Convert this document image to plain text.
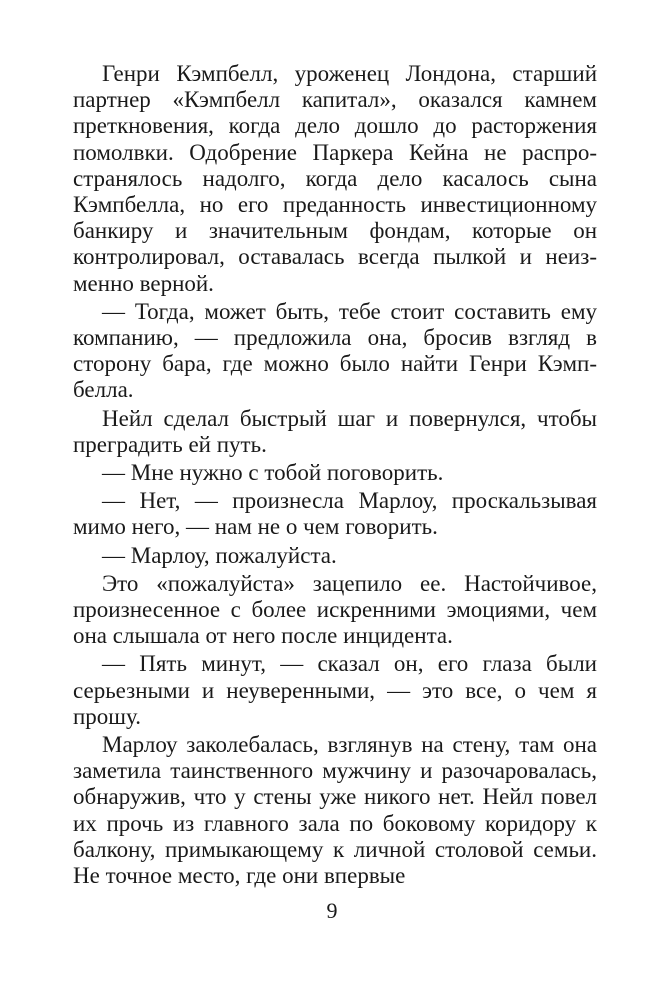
Генри Кэмпбелл, уроженец Лондона, старший партнер «Кэмпбелл капитал», оказался камнем преткновения, когда дело дошло до расторжения помолвки. Одобрение Паркера Кейна не распространялось надолго, когда дело касалось сына Кэмпбелла, но его преданность инвестиционному банкиру и значительным фондам, которые он контролировал, оставалась всегда пылкой и неизменно верной.

— Тогда, может быть, тебе стоит составить ему компанию, — предложила она, бросив взгляд в сторону бара, где можно было найти Генри Кэмпбелла.

Нейл сделал быстрый шаг и повернулся, чтобы преградить ей путь.

— Мне нужно с тобой поговорить.

— Нет, — произнесла Марлоу, проскальзывая мимо него, — нам не о чем говорить.

— Марлоу, пожалуйста.

Это «пожалуйста» зацепило ее. Настойчивое, произнесенное с более искренними эмоциями, чем она слышала от него после инцидента.

— Пять минут, — сказал он, его глаза были серьезными и неуверенными, — это все, о чем я прошу.

Марлоу заколебалась, взглянув на стену, там она заметила таинственного мужчину и разочаровалась, обнаружив, что у стены уже никого нет. Нейл повел их прочь из главного зала по боковому коридору к балкону, примыкающему к личной столовой семьи. Не точное место, где они впервые

9
